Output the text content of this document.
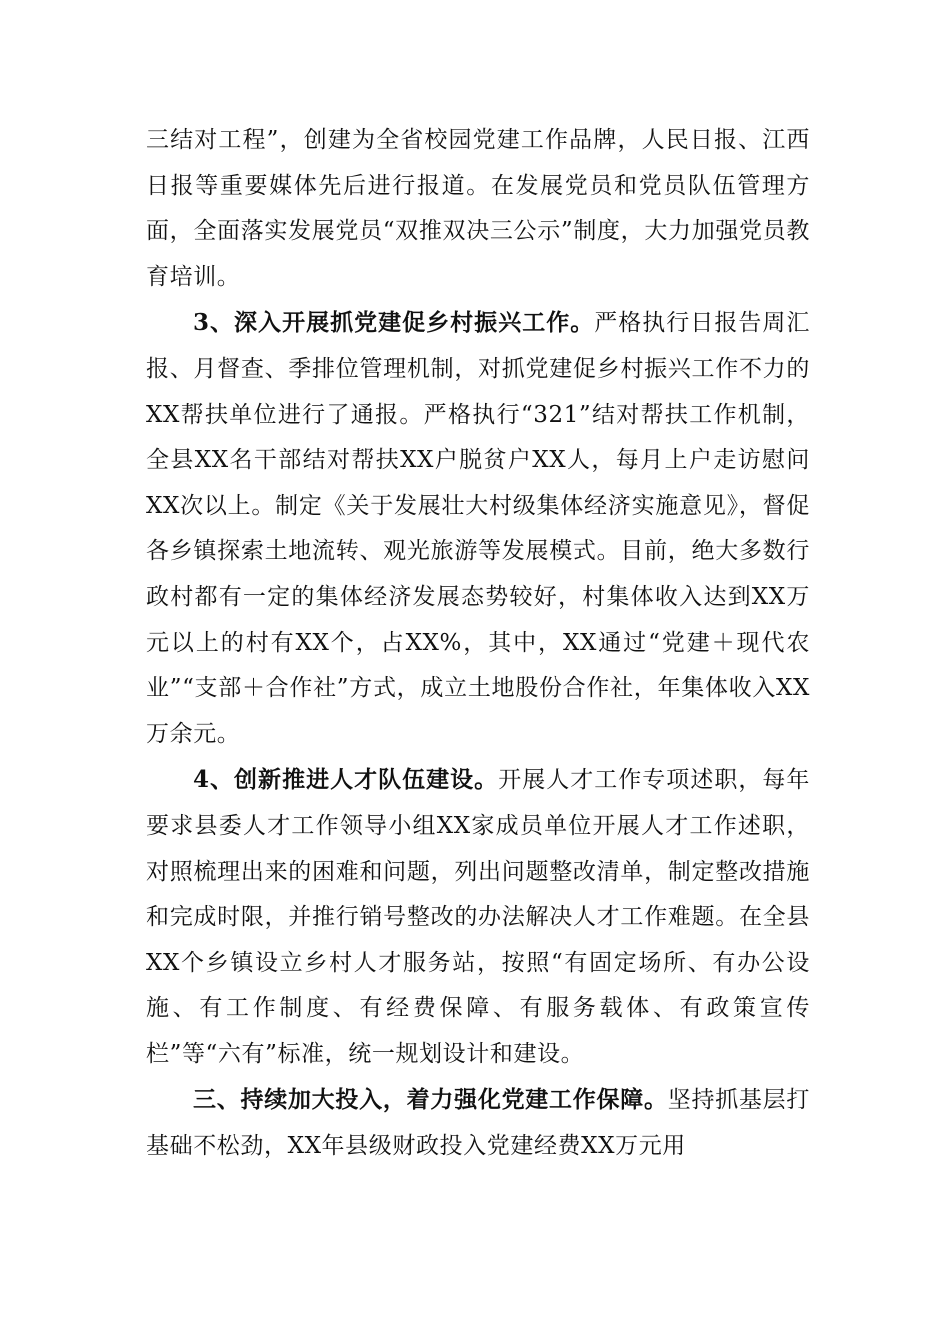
三结对工程”，创建为全省校园党建工作品牌，人民日报、江西日报等重要媒体先后进行报道。在发展党员和党员队伍管理方面，全面落实发展党员“双推双决三公示”制度，大力加强党员教育培训。

3、深入开展抓党建促乡村振兴工作。严格执行日报告周汇报、月督查、季排位管理机制，对抓党建促乡村振兴工作不力的XX帮扶单位进行了通报。严格执行“321”结对帮扶工作机制，全县XX名干部结对帮扶XX户脱贫户XX人，每月上户走访慰问XX次以上。制定《关于发展壮大村级集体经济实施意见》，督促各乡镇探索土地流转、观光旅游等发展模式。目前，绝大多数行政村都有一定的集体经济发展态势较好，村集体收入达到XX万元以上的村有XX个，占XX%，其中，XX通过“党建＋现代农业”“支部＋合作社”方式，成立土地股份合作社，年集体收入XX万余元。

4、创新推进人才队伍建设。开展人才工作专项述职，每年要求县委人才工作领导小组XX家成员单位开展人才工作述职，对照梳理出来的困难和问题，列出问题整改清单，制定整改措施和完成时限，并推行销号整改的办法解决人才工作难题。在全县XX个乡镇设立乡村人才服务站，按照“有固定场所、有办公设施、有工作制度、有经费保障、有服务载体、有政策宣传栏”等“六有”标准，统一规划设计和建设。

三、持续加大投入，着力强化党建工作保障。坚持抓基层打基础不松劲，XX年县级财政投入党建经费XX万元用
